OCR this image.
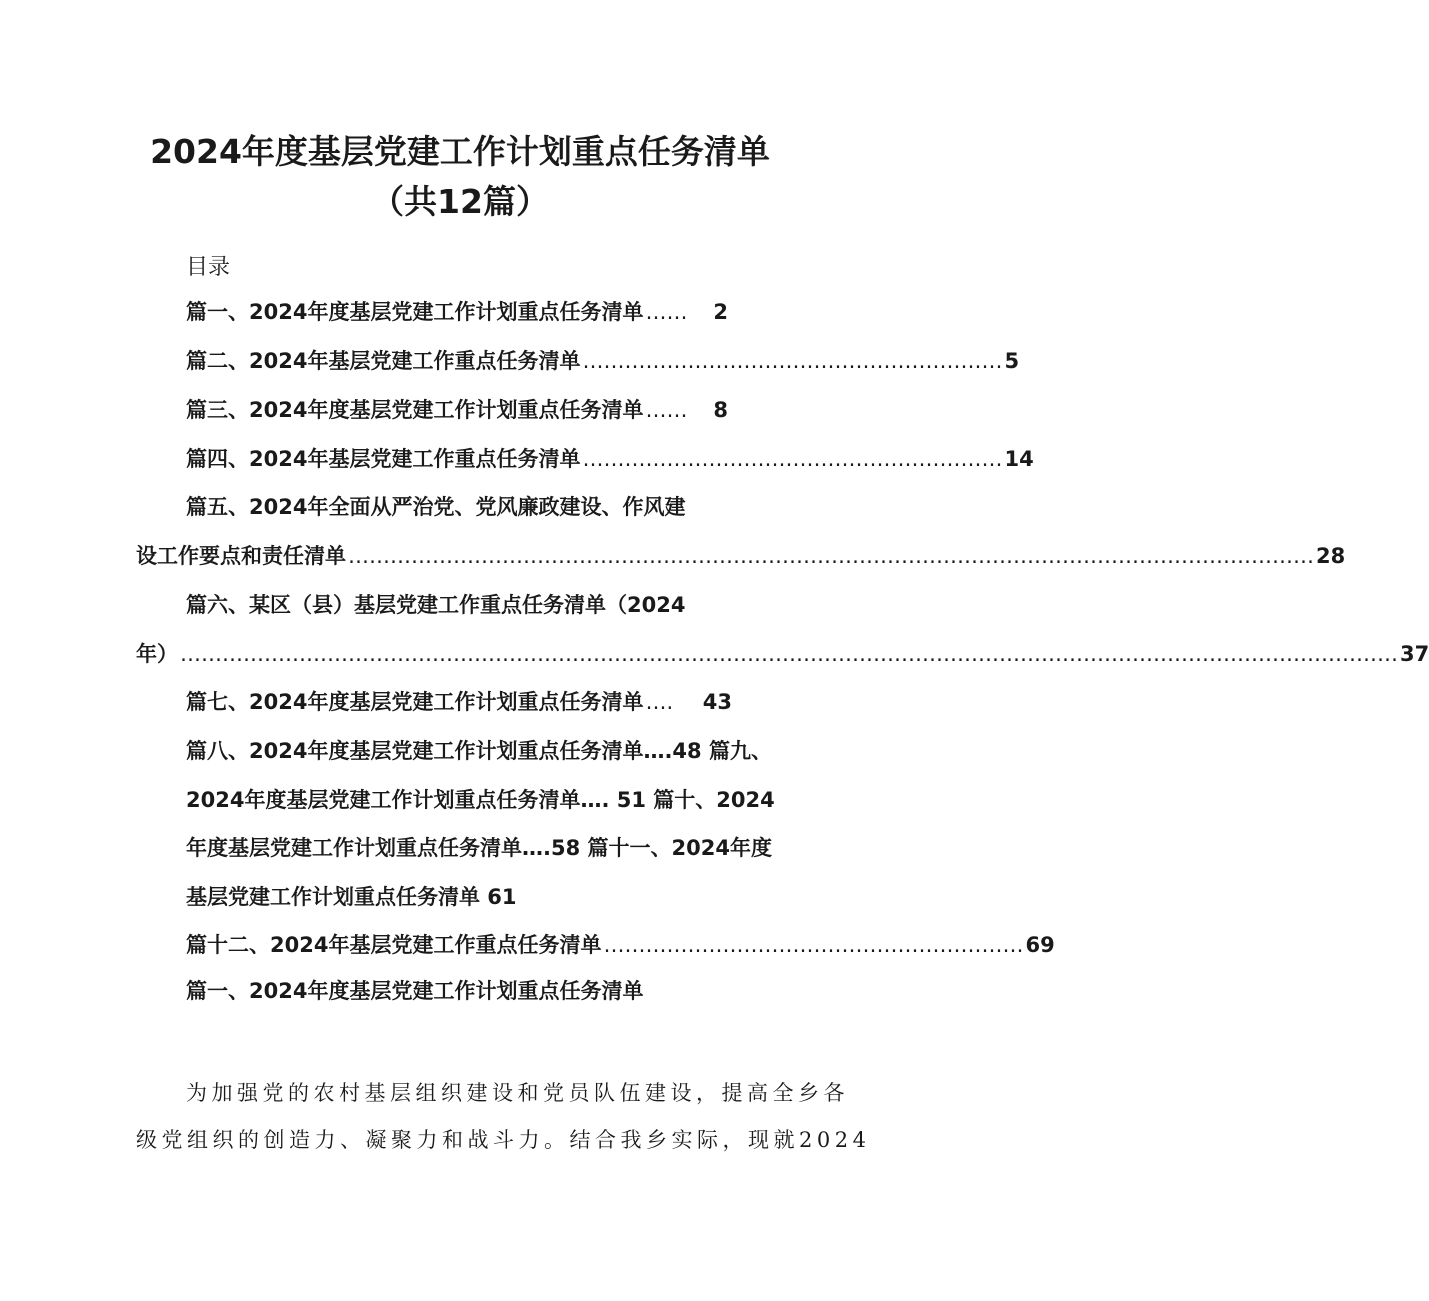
2024年度基层党建工作计划重点任务清单
（共12篇）
目录
篇一、2024年度基层党建工作计划重点任务清单 ……	2
篇二、2024年基层党建工作重点任务清单 …………………………………………………… 5
篇三、2024年度基层党建工作计划重点任务清单 ……	8
篇四、2024年基层党建工作重点任务清单 …………………………………………………… 14
篇五、2024年全面从严治党、党风廉政建设、作风建
设工作要点和责任清单 ………………………………………………………………………………………………………………………… 28
篇六、某区（县）基层党建工作重点任务清单（2024
年） ………………………………………………………………………………………………………………………………………………………… 37
篇七、2024年度基层党建工作计划重点任务清单 ….	43
篇八、2024年度基层党建工作计划重点任务清单….48 篇九、
2024年度基层党建工作计划重点任务清单…. 51 篇十、2024
年度基层党建工作计划重点任务清单….58 篇十一、2024年度
基层党建工作计划重点任务清单 61
篇十二、2024年基层党建工作重点任务清单 …………………………………………………… 69
篇一、2024年度基层党建工作计划重点任务清单
为加强党的农村基层组织建设和党员队伍建设，提高全乡各
级党组织的创造力、凝聚力和战斗力。结合我乡实际，现就2024
